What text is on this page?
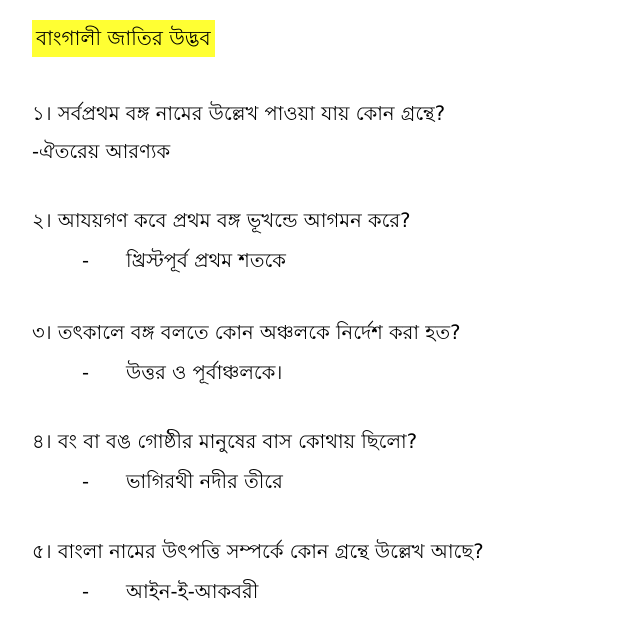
বাংগালী জাতির উদ্ভব
১। সর্বপ্রথম বঙ্গ নামের উল্লেখ পাওয়া যায় কোন গ্রন্থে?
-ঐতরেয় আরণ্যক
২। আযয়গণ কবে প্রথম বঙ্গ ভূখন্ডে আগমন করে?
-	খ্রিস্টপূর্ব প্রথম শতকে
৩। তৎকালে বঙ্গ বলতে কোন অঞ্চলকে নির্দেশ করা হত?
-	উত্তর ও পূর্বাঞ্চলকে।
৪। বং বা বঙ গোষ্ঠীর মানুষের বাস কোথায় ছিলো?
-	ভাগিরথী নদীর তীরে
৫। বাংলা নামের উৎপত্তি সম্পর্কে কোন গ্রন্থে উল্লেখ আছে?
-	আইন-ই-আকবরী
